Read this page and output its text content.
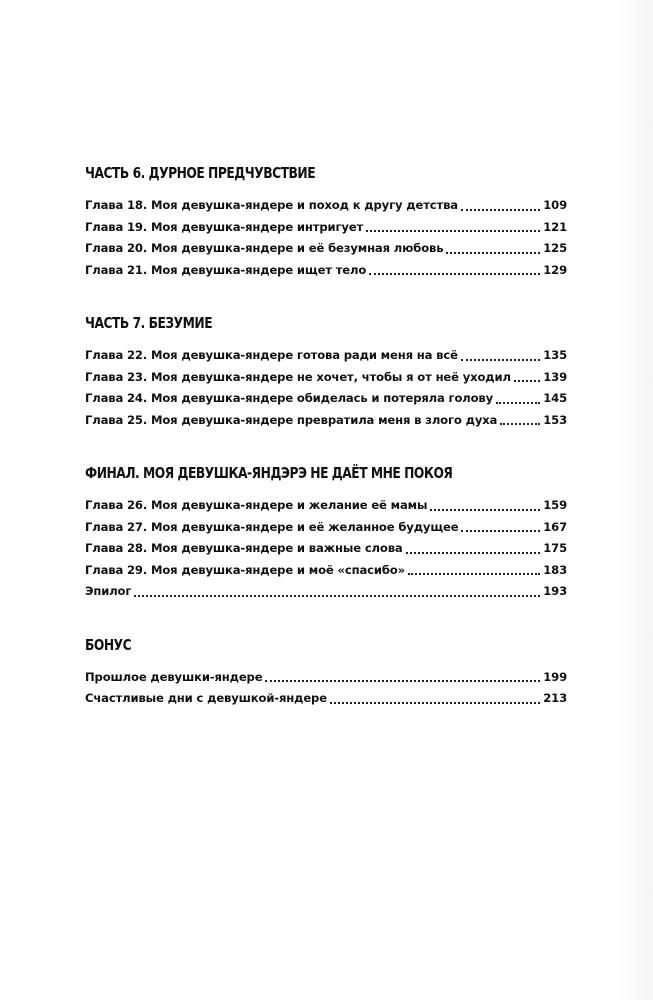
ЧАСТЬ 6. ДУРНОЕ ПРЕДЧУВСТВИЕ
Глава 18. Моя девушка-яндере и поход к другу детства	109
Глава 19. Моя девушка-яндере интригует	121
Глава 20. Моя девушка-яндере и её безумная любовь	125
Глава 21. Моя девушка-яндере ищет тело	129
ЧАСТЬ 7. БЕЗУМИЕ
Глава 22. Моя девушка-яндере готова ради меня на всё	135
Глава 23. Моя девушка-яндере не хочет, чтобы я от неё уходил	139
Глава 24. Моя девушка-яндере обиделась и потеряла голову	145
Глава 25. Моя девушка-яндере превратила меня в злого духа	153
ФИНАЛ. МОЯ ДЕВУШКА-ЯНДЭРЭ НЕ ДАЁТ МНЕ ПОКОЯ
Глава 26. Моя девушка-яндере и желание её мамы	159
Глава 27. Моя девушка-яндере и её желанное будущее	167
Глава 28. Моя девушка-яндере и важные слова	175
Глава 29. Моя девушка-яндере и моё «спасибо»	183
Эпилог	193
БОНУС
Прошлое девушки-яндере	199
Счастливые дни с девушкой-яндере	213
